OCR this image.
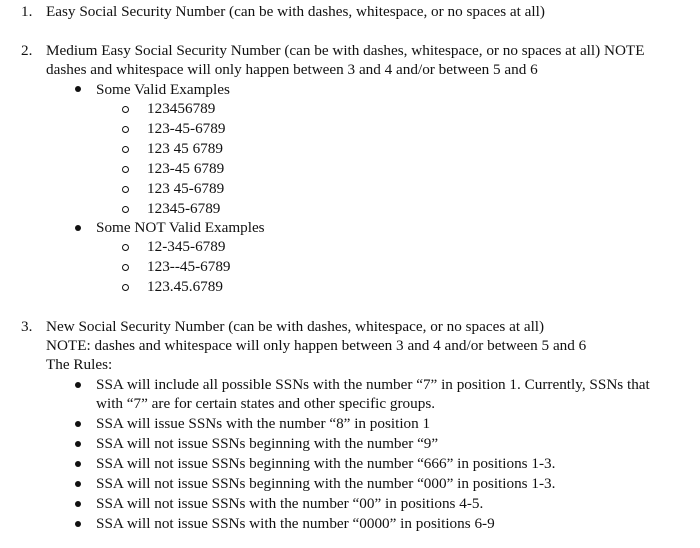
1. Easy Social Security Number (can be with dashes, whitespace, or no spaces at all)
2. Medium Easy Social Security Number (can be with dashes, whitespace, or no spaces at all) NOTE
dashes and whitespace will only happen between 3 and 4 and/or between 5 and 6
Some Valid Examples
123456789
123-45-6789
123 45 6789
123-45 6789
123 45-6789
12345-6789
Some NOT Valid Examples
12-345-6789
123--45-6789
123.45.6789
3. New Social Security Number (can be with dashes, whitespace, or no spaces at all)
NOTE: dashes and whitespace will only happen between 3 and 4 and/or between 5 and 6
The Rules:
SSA will include all possible SSNs with the number “7” in position 1. Currently, SSNs that
with “7” are for certain states and other specific groups.
SSA will issue SSNs with the number “8” in position 1
SSA will not issue SSNs beginning with the number “9”
SSA will not issue SSNs beginning with the number “666” in positions 1-3.
SSA will not issue SSNs beginning with the number “000” in positions 1-3.
SSA will not issue SSNs with the number “00” in positions 4-5.
SSA will not issue SSNs with the number “0000” in positions 6-9
